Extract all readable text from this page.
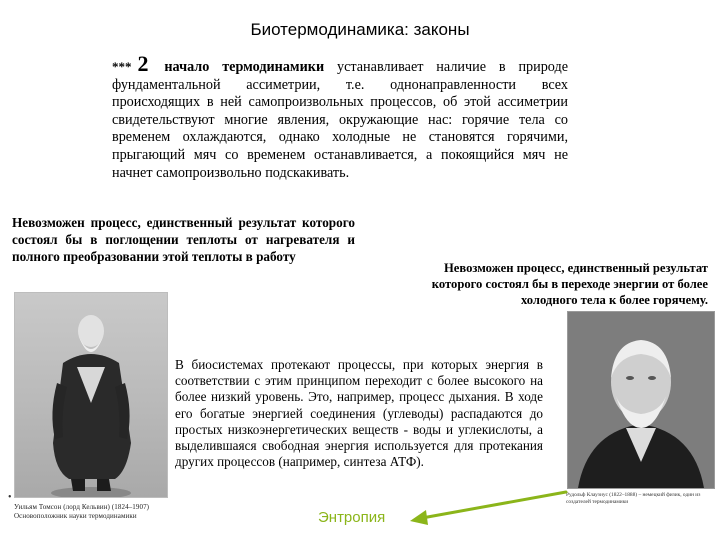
Биотермодинамика: законы
*** 2 начало термодинамики устанавливает наличие в природе фундаментальной ассиметрии, т.е. однонаправленности всех происходящих в ней самопроизвольных процессов, об этой ассиметрии свидетельствуют многие явления, окружающие нас: горячие тела со временем охлаждаются, однако холодные не становятся горячими, прыгающий мяч со временем останавливается, а покоящийся мяч не начнет самопроизвольно подскакивать.
Невозможен процесс, единственный результат которого состоял бы в поглощении теплоты от нагревателя и полного преобразовании этой теплоты в работу
Невозможен процесс, единственный результат которого состоял бы в переходе энергии от более холодного тела к более горячему.
В биосистемах протекают процессы, при которых энергия в соответствии с этим принципом переходит с более высокого на более низкий уровень. Это, например, процесс дыхания. В ходе его богатые энергией соединения (углеводы) распадаются до простых низкоэнергетических веществ - воды и углекислоты, а выделившаяся свободная энергия используется для протекания других процессов (например, синтеза АТФ).
Уильям Томсон (лорд Кельвин) (1824–1907)
Основоположник науки термодинамики
Рудольф Клаузиус (1822–1888) – немецкий физик, один из создателей термодинамики
•
Энтропия
